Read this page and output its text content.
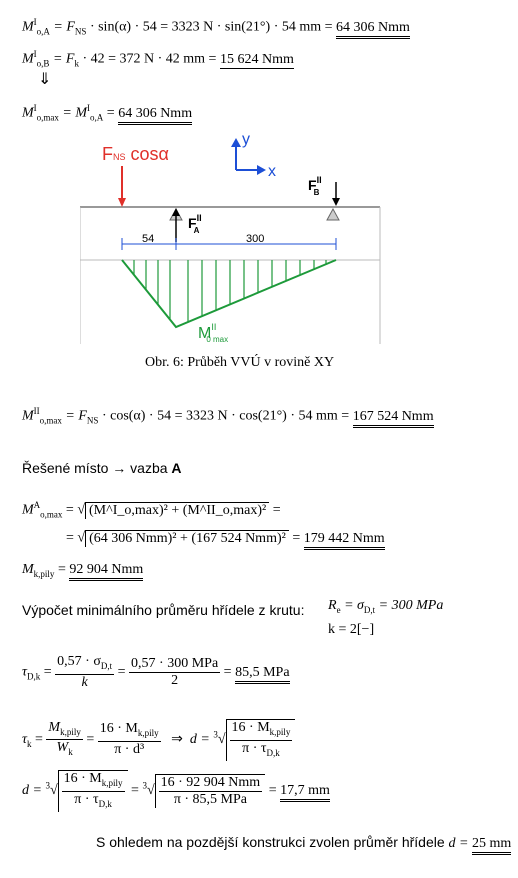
$M^I_{o,A} = F_{NS} \cdot \sin(\alpha) \cdot 54 = 3323$ N · sin(21°) · 54 mm = 64 306 Nmm
$M^I_{o,B} = F_k \cdot 42 = 372$ N · 42 mm = 15 624 Nmm
⇓
$M^I_{o,max} = M^I_{o,A} = 64$ 306 Nmm
FNS cosα
y
x
$F^{II}$ B
$F^{II}$ A
54	300
$M^{II}$ 0 max
Obr. 6: Průběh VVÚ v rovině XY
$M^{II}_{o,max} = F_{NS} \cdot \cos(\alpha) \cdot 54 = 3323$ N · cos(21°) · 54 mm = 167 524 Nmm
Řešené místo → vazba A
$M^A_{o,max}$ = √ (M^I_o,max)² + (M^II_o,max)² =
= √ (64 306 Nmm)² + (167 524 Nmm)² = 179 442 Nmm
$M_{k,pily} = 92$ 904 Nmm
Výpočet minimálního průměru hřídele z krutu: $R_e = \sigma_{D,t} = 300$ MPa
k = 2[−]
$\tau_{D,k} = \frac{0,57 \cdot \sigma_{D,t}}{k} = \frac{\text{0,57 · 300 MPa}}{2} = 85,5$ MPa
$\tau_k = \frac{M_{k,pily}}{W_k} = \frac{16 \cdot M_{k,pily}}{\text{π · d³}}$ ⇒ $d = ^3√ \frac{16 \cdot M_{k,pily}}{\pi \cdot \tau_{D,k}}$
$d = ^3√ \frac{16 \cdot M_{k,pily}}{\pi \cdot \tau_{D,k}} = ^3√ \frac{\text{16 · 92 904 Nmm}}{\text{π · 85,5 MPa}} = 17,7$ mm
S ohledem na pozdější konstrukci zvolen průměr hřídele d = 25 mm
